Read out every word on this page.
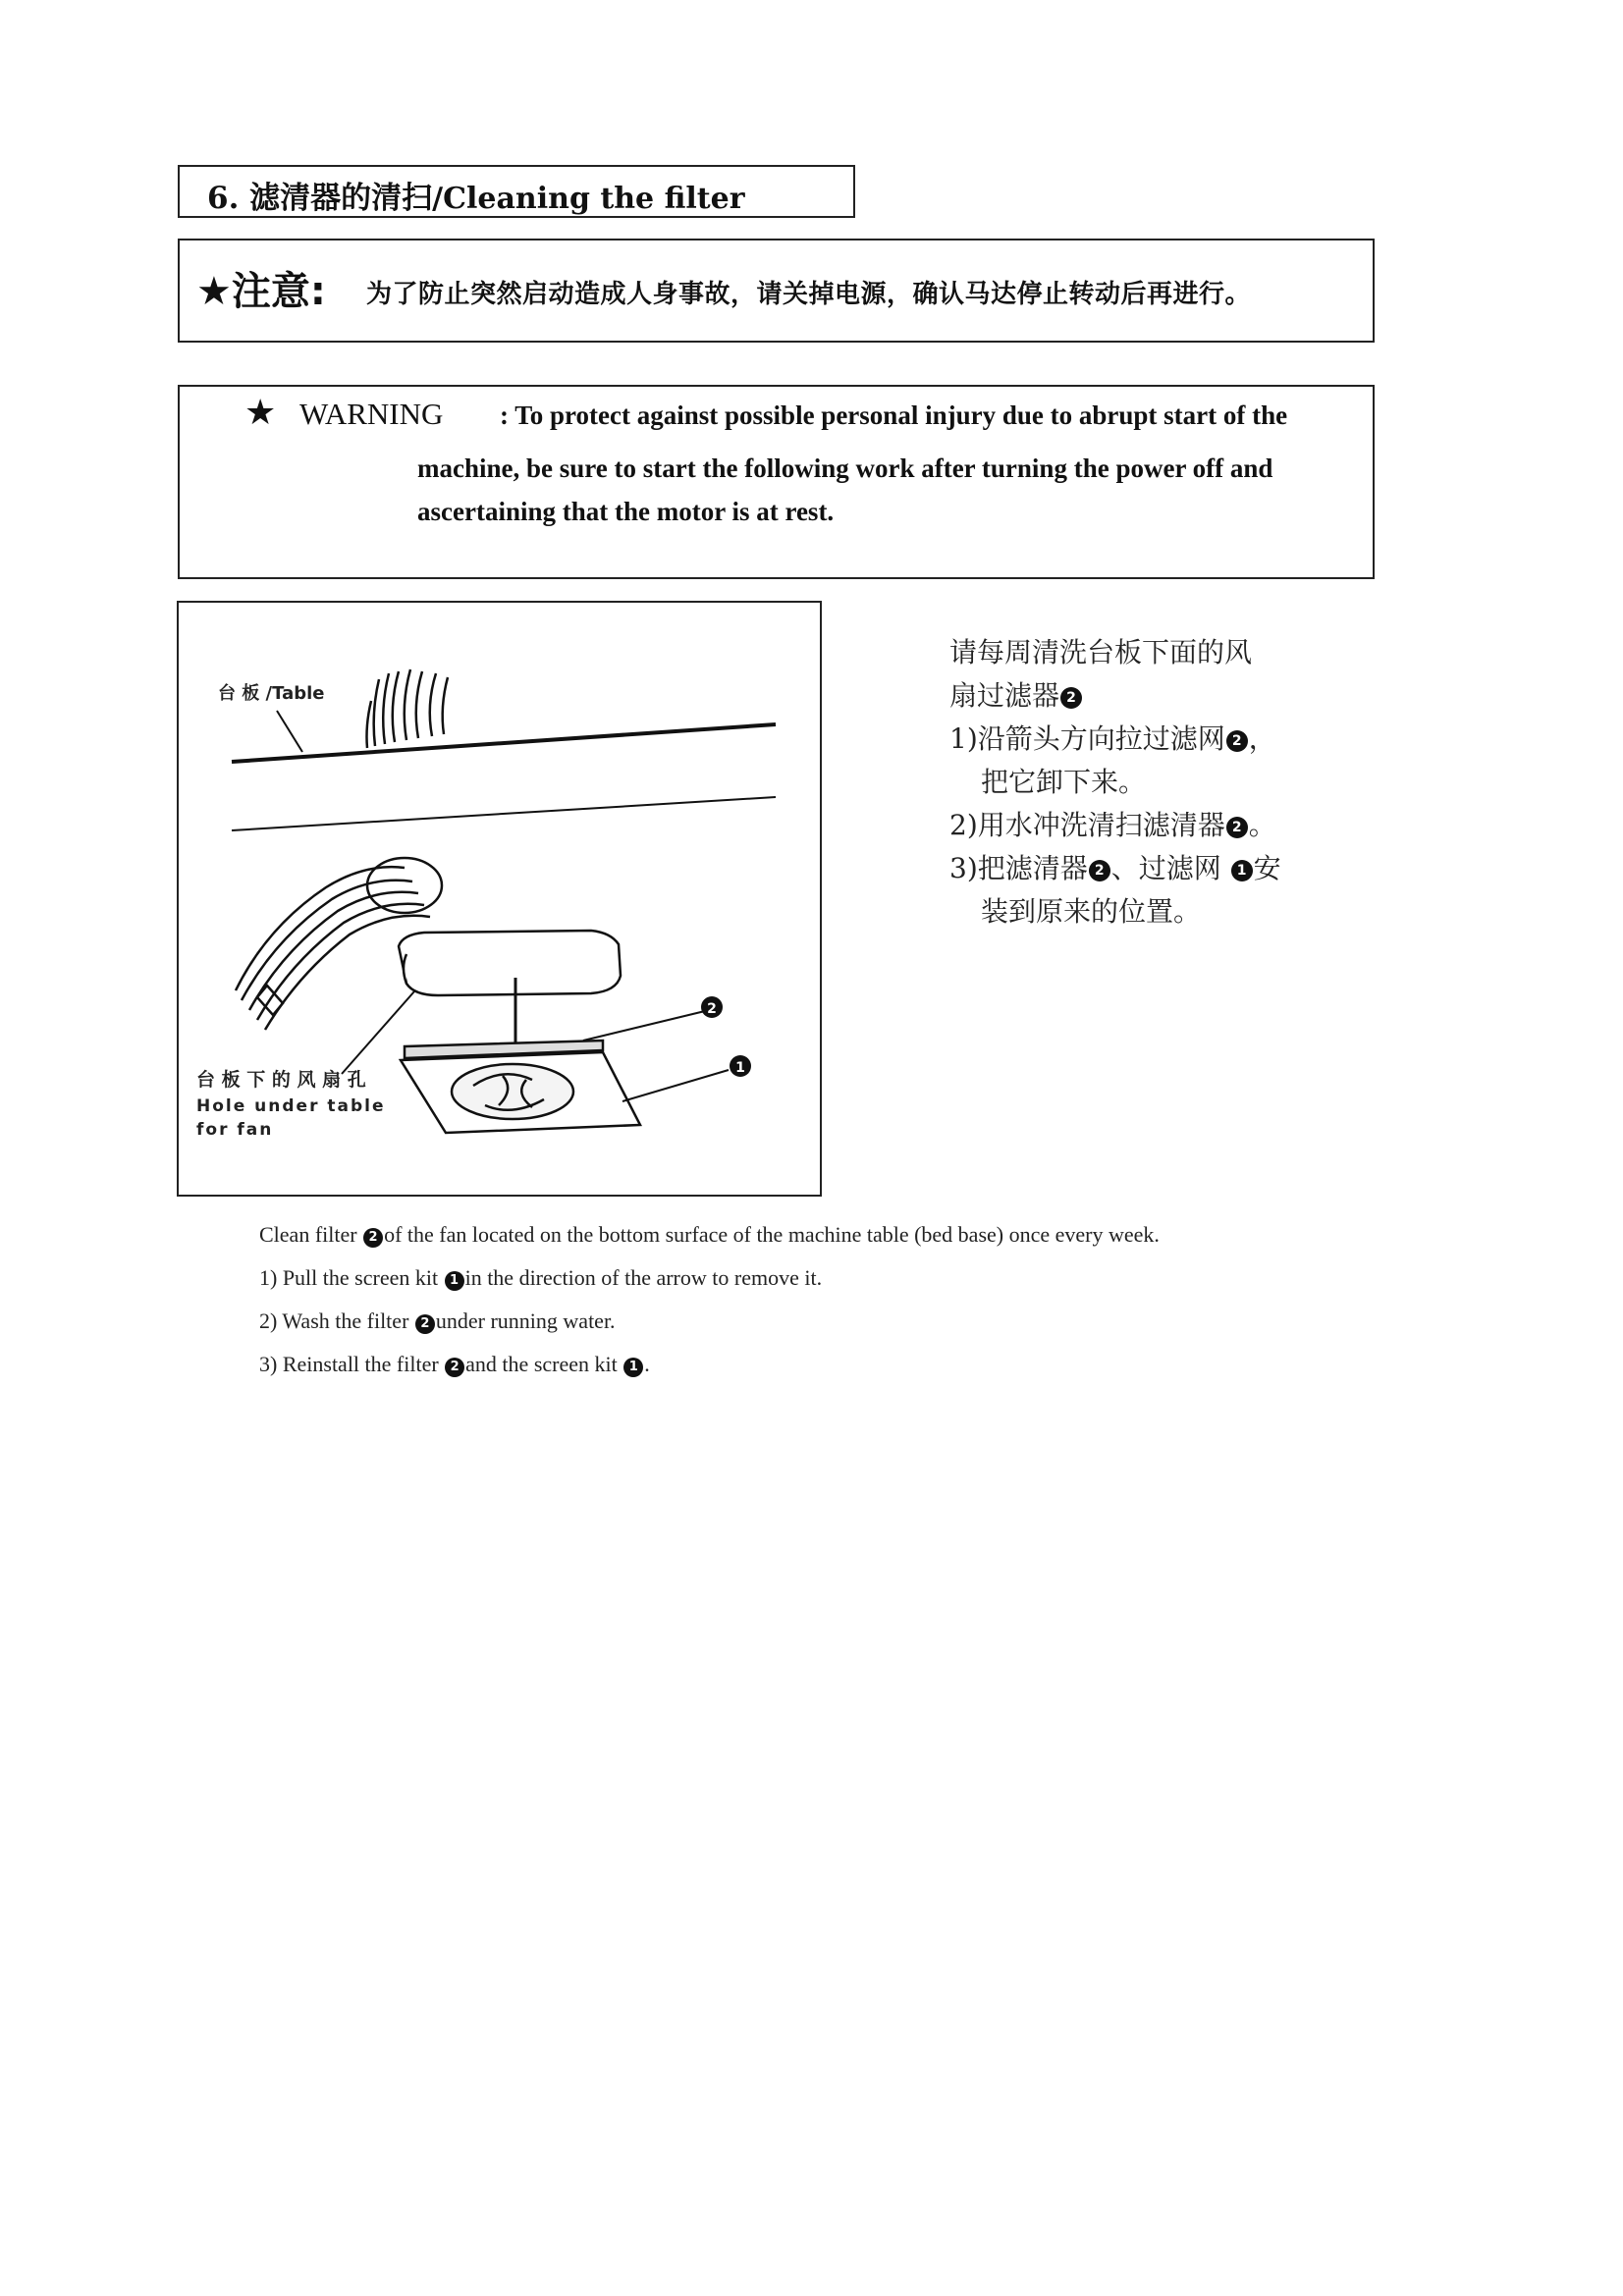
6. 滤清器的清扫/Cleaning the filter
★注意: 为了防止突然启动造成人身事故，请关掉电源，确认马达停止转动后再进行。
★ WARNING : To protect against possible personal injury due to abrupt start of the
machine, be sure to start the following work after turning the power off and
ascertaining that the motor is at rest.
2
1
台 板 /Table
台 板 下 的 风 扇 孔
Hole under table
for fan
请每周清洗台板下面的风
扇过滤器 2
1)沿箭头方向拉过滤网 2 ，
把它卸下来。
2)用水冲洗清扫滤清器 2 。
3)把滤清器 2 、过滤网 1 安
装到原来的位置。
Clean filter 2 of the fan located on the bottom surface of the machine table (bed base) once every week.
1) Pull the screen kit 1 in the direction of the arrow to remove it.
2) Wash the filter 2 under running water.
3) Reinstall the filter 2 and the screen kit 1 .
